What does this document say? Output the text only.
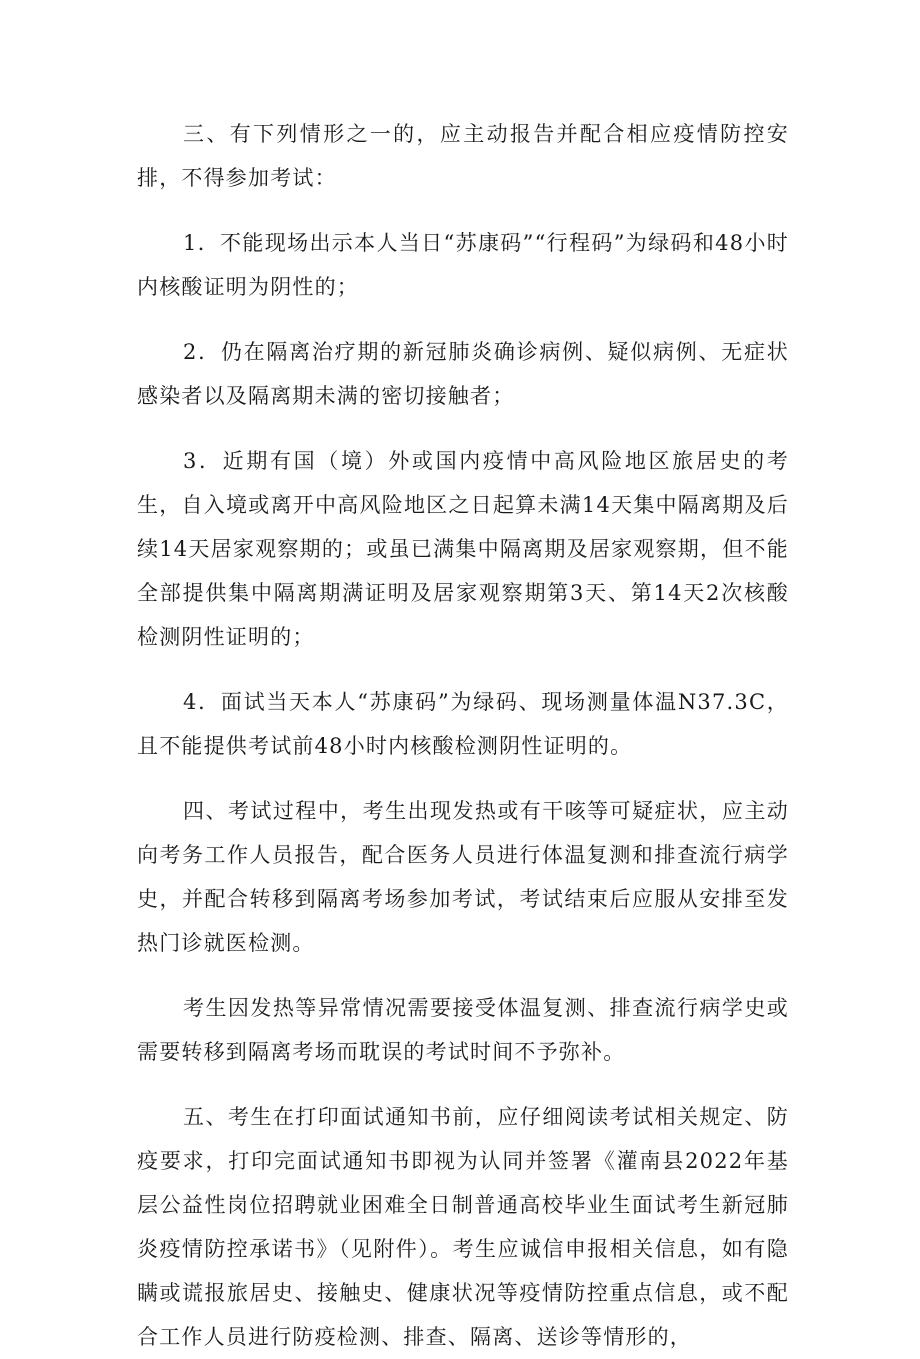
三、有下列情形之一的，应主动报告并配合相应疫情防控安排，不得参加考试：

1．不能现场出示本人当日“苏康码”“行程码”为绿码和48小时内核酸证明为阴性的；

2．仍在隔离治疗期的新冠肺炎确诊病例、疑似病例、无症状感染者以及隔离期未满的密切接触者；

3．近期有国（境）外或国内疫情中高风险地区旅居史的考生，自入境或离开中高风险地区之日起算未满14天集中隔离期及后续14天居家观察期的；或虽已满集中隔离期及居家观察期，但不能全部提供集中隔离期满证明及居家观察期第3天、第14天2次核酸检测阴性证明的；

4．面试当天本人“苏康码”为绿码、现场测量体温N37.3C，且不能提供考试前48小时内核酸检测阴性证明的。

四、考试过程中，考生出现发热或有干咳等可疑症状，应主动向考务工作人员报告，配合医务人员进行体温复测和排查流行病学史，并配合转移到隔离考场参加考试，考试结束后应服从安排至发热门诊就医检测。

考生因发热等异常情况需要接受体温复测、排查流行病学史或需要转移到隔离考场而耽误的考试时间不予弥补。

五、考生在打印面试通知书前，应仔细阅读考试相关规定、防疫要求，打印完面试通知书即视为认同并签署《灌南县2022年基层公益性岗位招聘就业困难全日制普通高校毕业生面试考生新冠肺炎疫情防控承诺书》（见附件）。考生应诚信申报相关信息，如有隐瞒或谎报旅居史、接触史、健康状况等疫情防控重点信息，或不配合工作人员进行防疫检测、排查、隔离、送诊等情形的，
